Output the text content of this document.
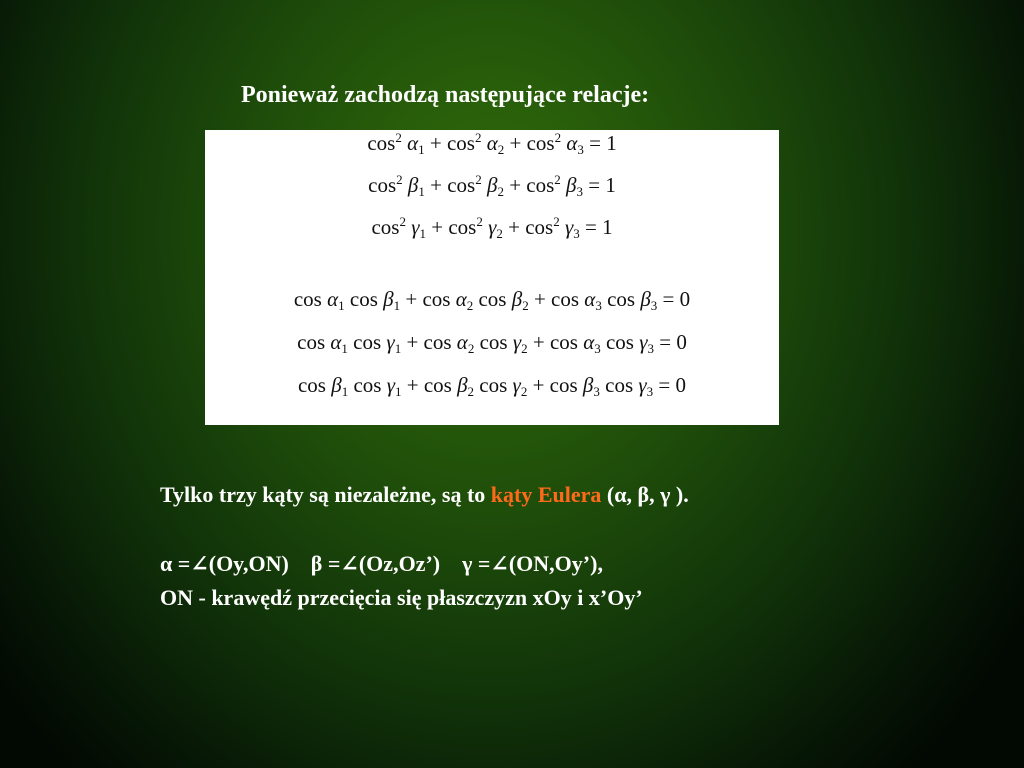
Ponieważ zachodzą następujące relacje:
$\cos^2 \alpha_1 + \cos^2 \alpha_2 + \cos^2 \alpha_3 = 1$
$\cos^2 \beta_1 + \cos^2 \beta_2 + \cos^2 \beta_3 = 1$
$\cos^2 \gamma_1 + \cos^2 \gamma_2 + \cos^2 \gamma_3 = 1$
$\cos \alpha_1$ $\cos \beta_1 + \cos \alpha_2$ $\cos \beta_2 + \cos \alpha_3$ $\cos \beta_3 = 0$
$\cos \alpha_1$ $\cos \gamma_1 + \cos \alpha_2$ $\cos \gamma_2 + \cos \alpha_3$ $\cos \gamma_3 = 0$
$\cos \beta_1$ $\cos \gamma_1 + \cos \beta_2$ $\cos \gamma_2 + \cos \beta_3$ $\cos \gamma_3 = 0$
Tylko trzy kąty są niezależne, są to kąty Eulera (α, β, γ ).
α =∠(Oy,ON)    β =∠(Oz,Oz’)    γ =∠(ON,Oy’),
ON - krawędź przecięcia się płaszczyzn xOy i x’Oy’
